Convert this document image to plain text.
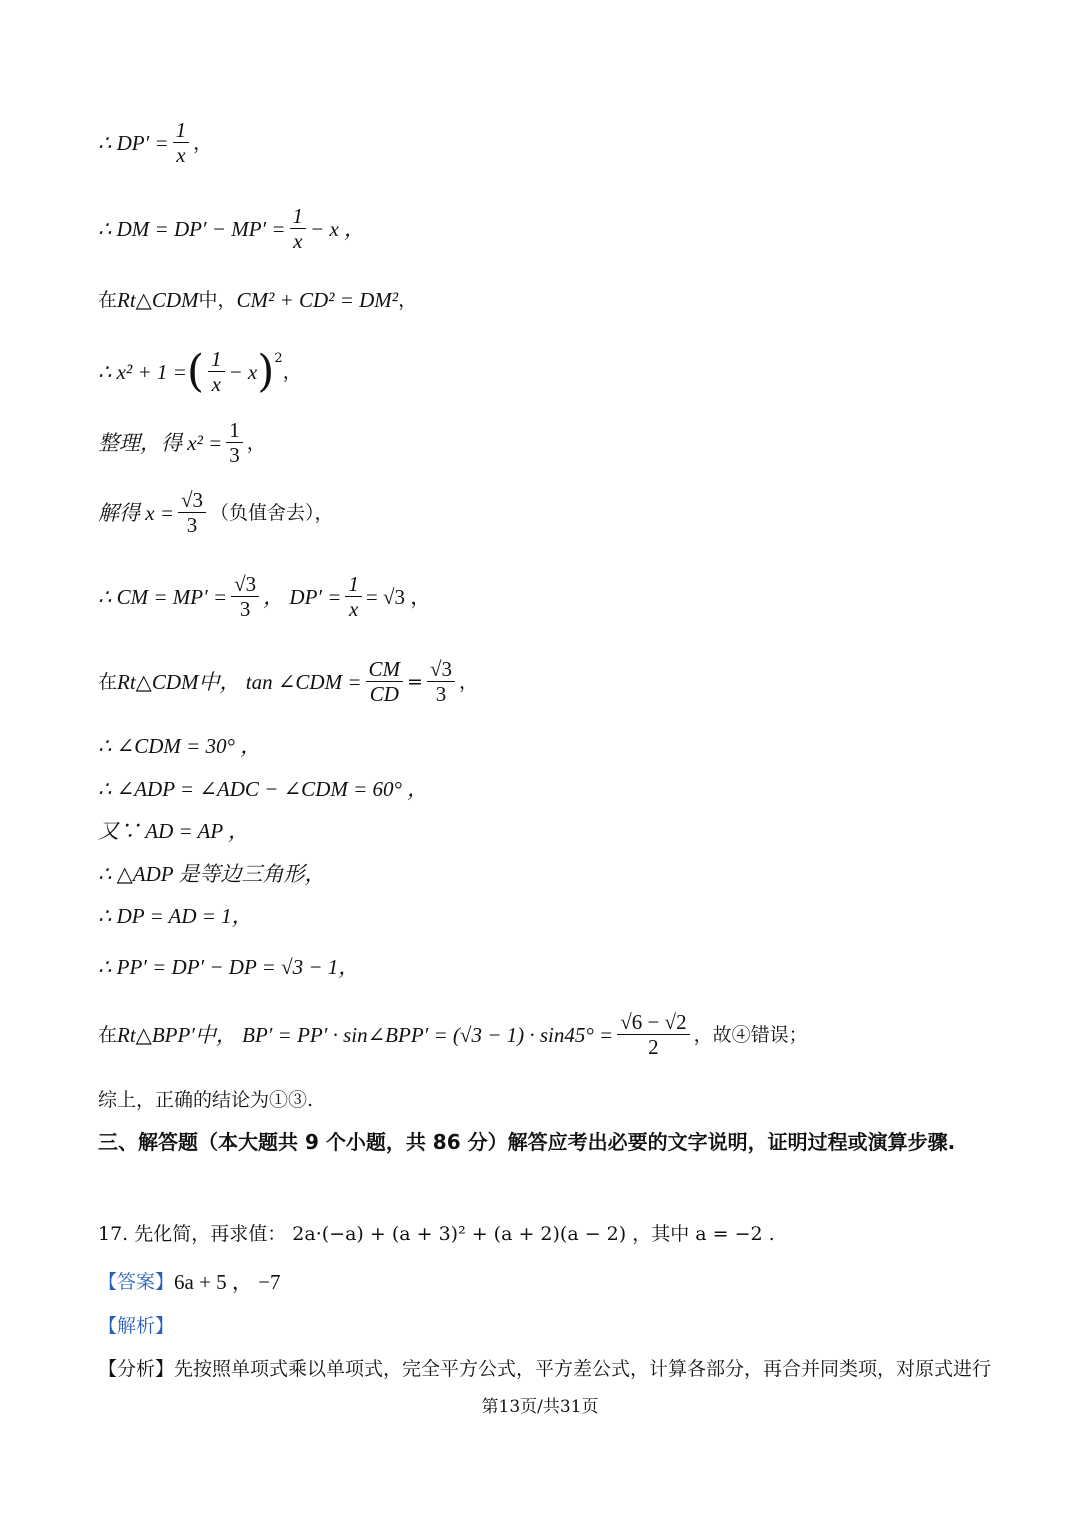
∴ $DP' = \frac{1}{x}$ ，
∴ DM = $DP' - MP' = \frac{1}{x} - x$ ，
在 Rt△CDM 中， CM² + CD² = DM² ，
∴ x² + 1 = ( $\frac{1}{x} - x$ )$^2$
，
整理，得 $x^2 = \frac{1}{3}$ ，
解得 $x = \frac{√3}{3}$ （负值舍去），
∴ CM = $MP' = \frac{√3}{3}$ ， $DP' = \frac{1}{x} = √3$ ，
在 Rt△CDM 中， tan ∠CDM = $\frac{CM}{CD} = \frac{√3}{3}$ ，
∴ ∠CDM = 30° ，
∴ ∠ADP = ∠ADC − ∠CDM = 60° ，
又∵ AD = AP ，
∴ △ADP 是等边三角形，
∴ DP = AD = 1，
∴ PP′ = DP′ − DP = √3 − 1，
在 Rt△BPP′ 中， BP′ = PP′ · sin∠BPP′ = $(√3 - 1) \cdot \sin 45^\circ = \frac{√6 - √2}{2}$ ，故④错误；
综上，正确的结论为①③.
三、解答题（本大题共 9 个小题，共 86 分）解答应考出必要的文字说明，证明过程或演算步骤.
17. 先化简，再求值： 2a·(−a) + (a + 3)² + (a + 2)(a − 2) ，其中 a = −2 .
【答案】 6a + 5 ， −7
【解析】
【分析】先按照单项式乘以单项式，完全平方公式，平方差公式，计算各部分，再合并同类项，对原式进行
第13页/共31页
